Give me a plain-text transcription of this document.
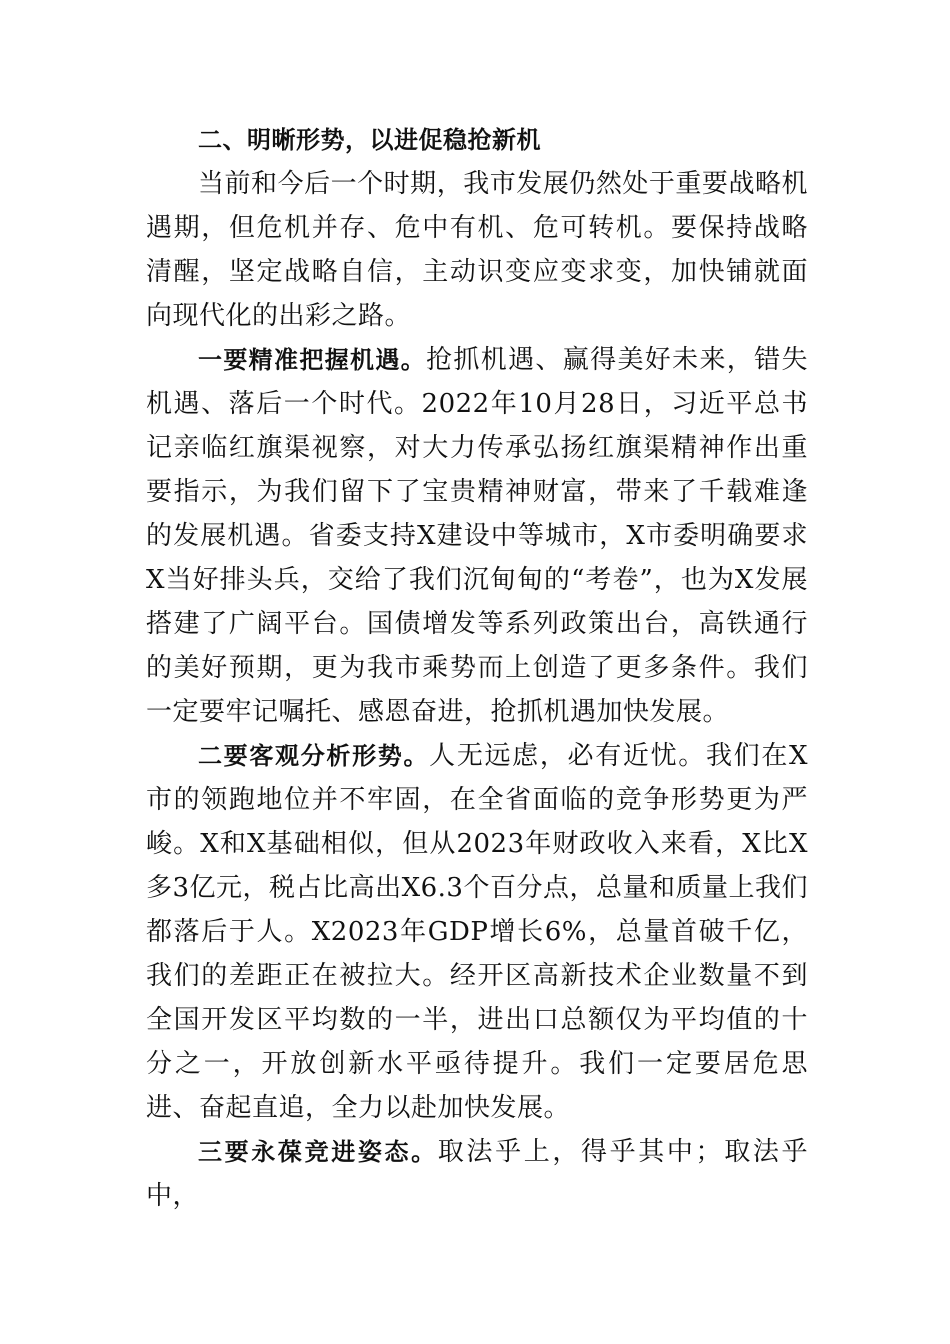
二、明晰形势，以进促稳抢新机

当前和今后一个时期，我市发展仍然处于重要战略机遇期，但危机并存、危中有机、危可转机。要保持战略清醒，坚定战略自信，主动识变应变求变，加快铺就面向现代化的出彩之路。

一要精准把握机遇。抢抓机遇、赢得美好未来，错失机遇、落后一个时代。2022年10月28日，习近平总书记亲临红旗渠视察，对大力传承弘扬红旗渠精神作出重要指示，为我们留下了宝贵精神财富，带来了千载难逢的发展机遇。省委支持X建设中等城市，X市委明确要求X当好排头兵，交给了我们沉甸甸的“考卷”，也为X发展搭建了广阔平台。国债增发等系列政策出台，高铁通行的美好预期，更为我市乘势而上创造了更多条件。我们一定要牢记嘱托、感恩奋进，抢抓机遇加快发展。

二要客观分析形势。人无远虑，必有近忧。我们在X市的领跑地位并不牢固，在全省面临的竞争形势更为严峻。X和X基础相似，但从2023年财政收入来看，X比X多3亿元，税占比高出X6.3个百分点，总量和质量上我们都落后于人。X2023年GDP增长6%，总量首破千亿，我们的差距正在被拉大。经开区高新技术企业数量不到全国开发区平均数的一半，进出口总额仅为平均值的十分之一，开放创新水平亟待提升。我们一定要居危思进、奋起直追，全力以赴加快发展。

三要永葆竞进姿态。取法乎上，得乎其中；取法乎中，
